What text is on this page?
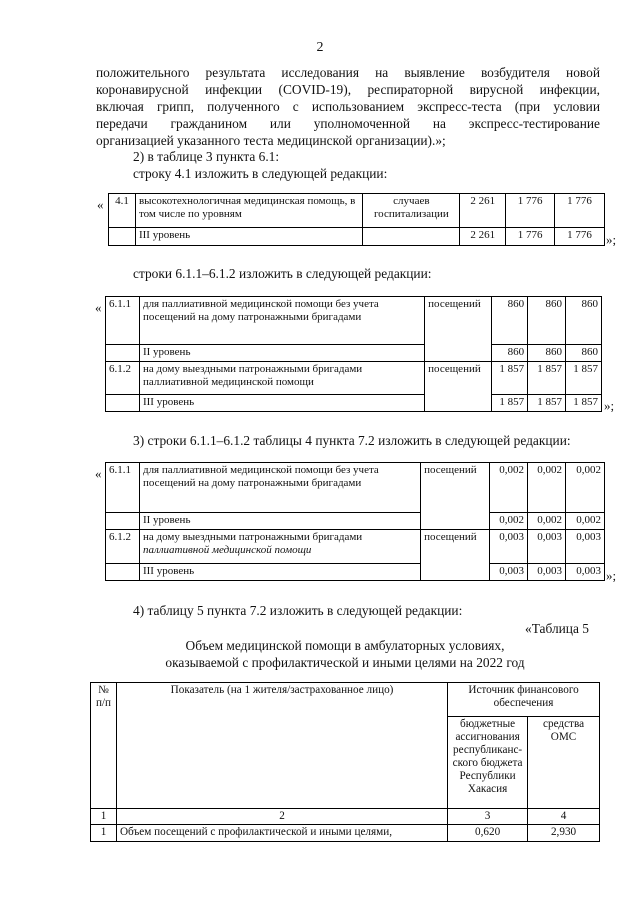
2
положительного результата исследования на выявление возбудителя новой
коронавирусной инфекции (COVID-19), респираторной вирусной инфекции,
включая грипп, полученного с использованием экспресс-теста (при условии
передачи гражданином или уполномоченной на экспресс-тестирование
организацией указанного теста медицинской организации).»;
2) в таблице 3 пункта 6.1:
строку 4.1 изложить в следующей редакции:
« 4.1	высокотехнологичная медицинская помощь, в том числе по уровням	случаев госпитализации	2 261	1 776	1 776
	III уровень		2 261	1 776	1 776 »;
строки 6.1.1–6.1.2 изложить в следующей редакции:
« 6.1.1	для паллиативной медицинской помощи без учета посещений на дому патронажными бригадами	посещений	860	860	860
	II уровень		860	860	860
6.1.2	на дому выездными патронажными бригадами паллиативной медицинской помощи	посещений	1 857	1 857	1 857
	III уровень		1 857	1 857	1 857 »;
3) строки 6.1.1–6.1.2 таблицы 4 пункта 7.2 изложить в следующей редакции:
« 6.1.1	для паллиативной медицинской помощи без учета посещений на дому патронажными бригадами	посещений	0,002	0,002	0,002
	II уровень		0,002	0,002	0,002
6.1.2	на дому выездными патронажными бригадами
паллиативной медицинской помощи	посещений	0,003	0,003	0,003
	III уровень		0,003	0,003	0,003 »;
4) таблицу 5 пункта 7.2 изложить в следующей редакции:
«Таблица 5
Объем медицинской помощи в амбулаторных условиях,
оказываемой с профилактической и иными целями на 2022 год
№ п/п	Показатель (на 1 жителя/застрахованное лицо)	Источник финансового обеспечения	
		бюджетные ассигнования республиканс-ского бюджета Республики Хакасия	средства ОМС
1	2	3	4
1	Объем посещений с профилактической и иными целями,	0,620	2,930
